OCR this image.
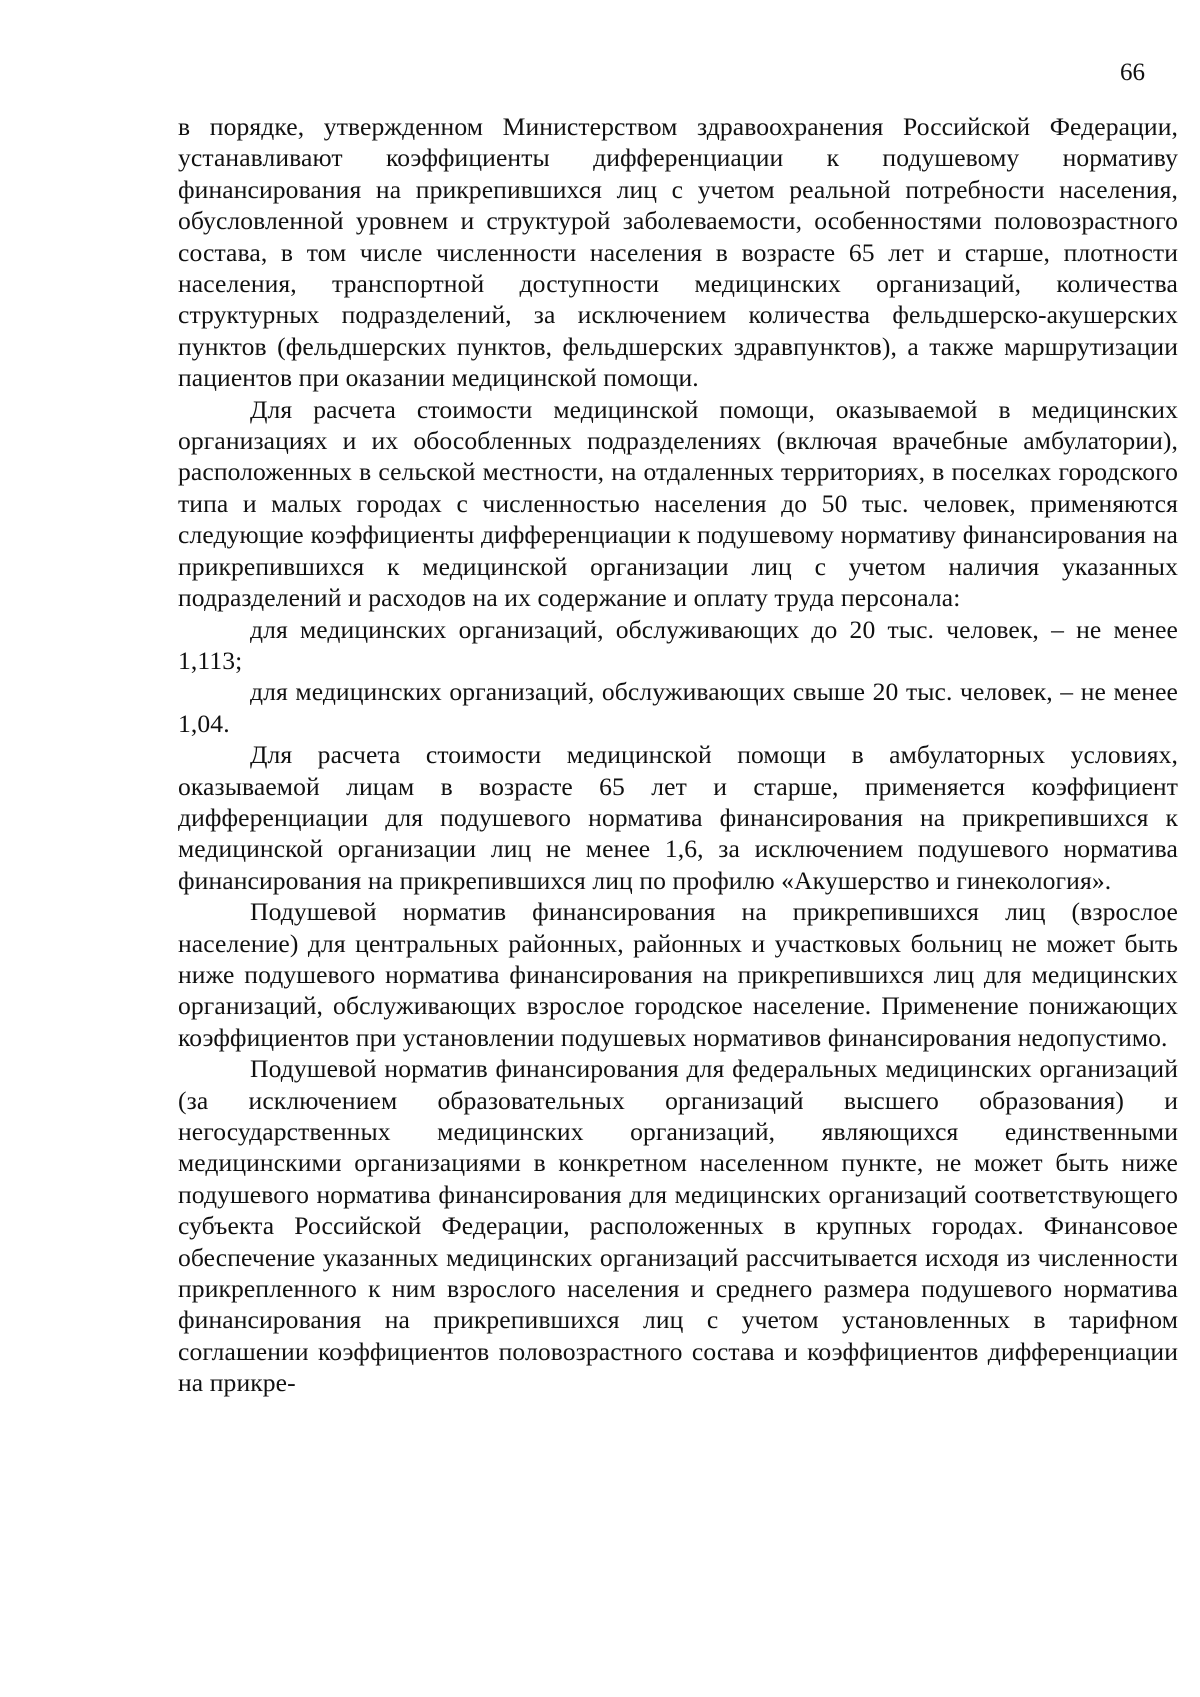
66

в порядке, утвержденном Министерством здравоохранения Российской Федерации, устанавливают коэффициенты дифференциации к подушевому нормативу финансирования на прикрепившихся лиц с учетом реальной потребности населения, обусловленной уровнем и структурой заболеваемости, особенностями половозрастного состава, в том числе численности населения в возрасте 65 лет и старше, плотности населения, транспортной доступности медицинских организаций, количества структурных подразделений, за исключением количества фельдшерско-акушерских пунктов (фельдшерских пунктов, фельдшерских здравпунктов), а также маршрутизации пациентов при оказании медицинской помощи.

Для расчета стоимости медицинской помощи, оказываемой в медицинских организациях и их обособленных подразделениях (включая врачебные амбулатории), расположенных в сельской местности, на отдаленных территориях, в поселках городского типа и малых городах с численностью населения до 50 тыс. человек, применяются следующие коэффициенты дифференциации к подушевому нормативу финансирования на прикрепившихся к медицинской организации лиц с учетом наличия указанных подразделений и расходов на их содержание и оплату труда персонала:

для медицинских организаций, обслуживающих до 20 тыс. человек, – не менее 1,113;

для медицинских организаций, обслуживающих свыше 20 тыс. человек, – не менее 1,04.

Для расчета стоимости медицинской помощи в амбулаторных условиях, оказываемой лицам в возрасте 65 лет и старше, применяется коэффициент дифференциации для подушевого норматива финансирования на прикрепившихся к медицинской организации лиц не менее 1,6, за исключением подушевого норматива финансирования на прикрепившихся лиц по профилю «Акушерство и гинекология».

Подушевой норматив финансирования на прикрепившихся лиц (взрослое население) для центральных районных, районных и участковых больниц не может быть ниже подушевого норматива финансирования на прикрепившихся лиц для медицинских организаций, обслуживающих взрослое городское население. Применение понижающих коэффициентов при установлении подушевых нормативов финансирования недопустимо.

Подушевой норматив финансирования для федеральных медицинских организаций (за исключением образовательных организаций высшего образования) и негосударственных медицинских организаций, являющихся единственными медицинскими организациями в конкретном населенном пункте, не может быть ниже подушевого норматива финансирования для медицинских организаций соответствующего субъекта Российской Федерации, расположенных в крупных городах. Финансовое обеспечение указанных медицинских организаций рассчитывается исходя из численности прикрепленного к ним взрослого населения и среднего размера подушевого норматива финансирования на прикрепившихся лиц с учетом установленных в тарифном соглашении коэффициентов половозрастного состава и коэффициентов дифференциации на прикре-
